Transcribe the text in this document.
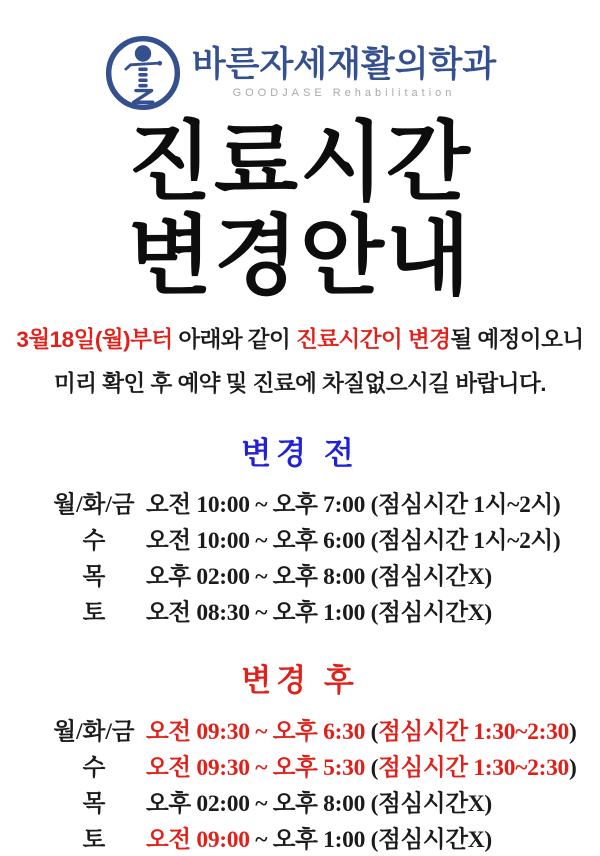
바른자세재활의학과
GOODJASE Rehabilitation
진료시간
변경안내
3월18일(월)부터 아래와 같이 진료시간이 변경될 예정이오니
미리 확인 후 예약 및 진료에 차질없으시길 바랍니다.
변경 전
월/화/금 오전 10:00 ~ 오후 7:00 (점심시간 1시~2시)
수	오전 10:00 ~ 오후 6:00 (점심시간 1시~2시)
목	오후 02:00 ~ 오후 8:00 (점심시간X)
토	오전 08:30 ~ 오후 1:00 (점심시간X)
변경 후
월/화/금 오전 09:30 ~ 오후 6:30 (점심시간 1:30~2:30)
수	오전 09:30 ~ 오후 5:30 (점심시간 1:30~2:30)
목	오후 02:00 ~ 오후 8:00 (점심시간X)
토	오전 09:00 ~ 오후 1:00 (점심시간X)
